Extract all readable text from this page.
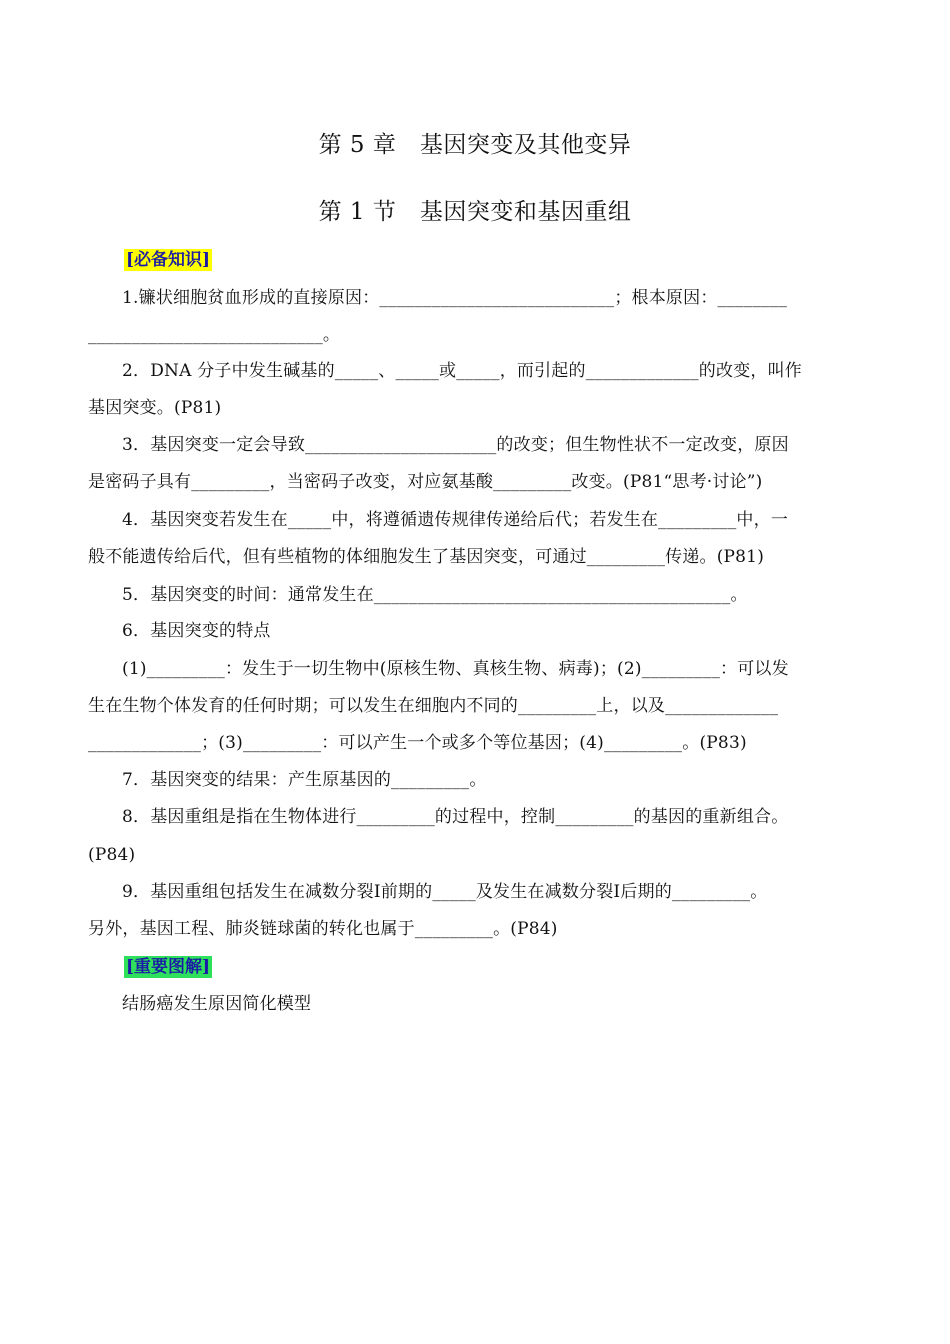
第 5 章　基因突变及其他变异
第 1 节　基因突变和基因重组
[必备知识]
1.镰状细胞贫血形成的直接原因：___________________________；根本原因：________
___________________________。
2．DNA 分子中发生碱基的_____、_____或_____，而引起的_____________的改变，叫作
基因突变。(P81)
3．基因突变一定会导致______________________的改变；但生物性状不一定改变，原因
是密码子具有_________，当密码子改变，对应氨基酸_________改变。(P81“思考·讨论”)
4．基因突变若发生在_____中，将遵循遗传规律传递给后代；若发生在_________中，一
般不能遗传给后代，但有些植物的体细胞发生了基因突变，可通过_________传递。(P81)
5．基因突变的时间：通常发生在_________________________________________。
6．基因突变的特点
(1)_________：发生于一切生物中(原核生物、真核生物、病毒)；(2)_________：可以发
生在生物个体发育的任何时期；可以发生在细胞内不同的_________上，以及_____________
_____________；(3)_________：可以产生一个或多个等位基因；(4)_________。(P83)
7．基因突变的结果：产生原基因的_________。
8．基因重组是指在生物体进行_________的过程中，控制_________的基因的重新组合。
(P84)
9．基因重组包括发生在减数分裂Ⅰ前期的_____及发生在减数分裂Ⅰ后期的_________。
另外，基因工程、肺炎链球菌的转化也属于_________。(P84)
[重要图解]
结肠癌发生原因简化模型
